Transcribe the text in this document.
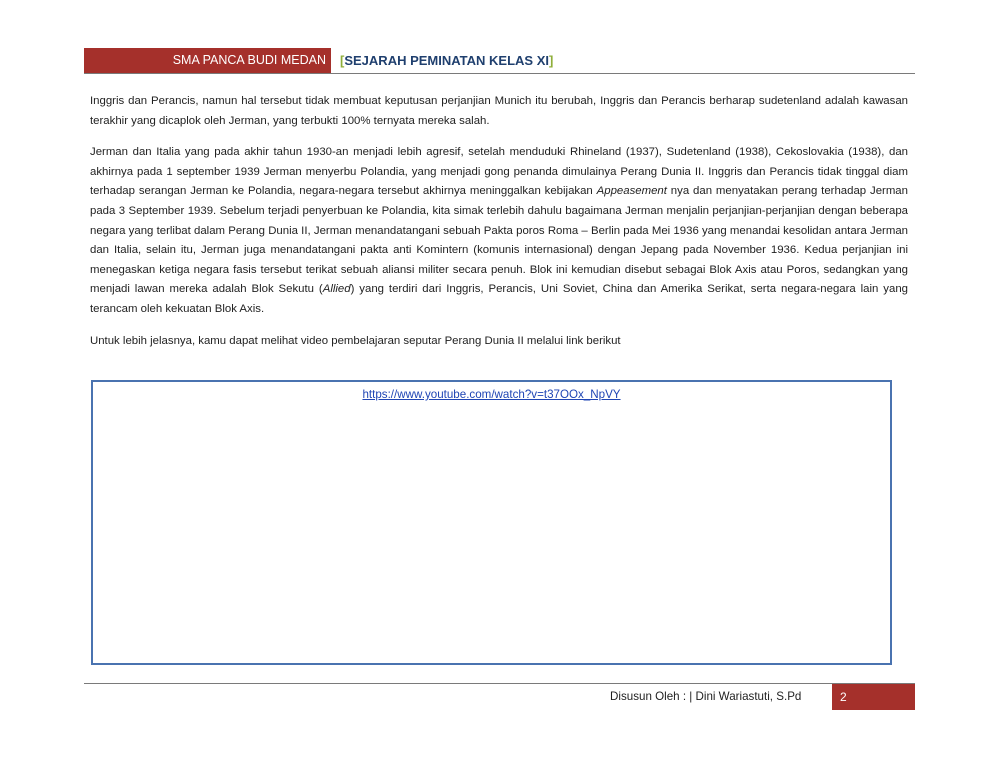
SMA PANCA BUDI MEDAN	[SEJARAH PEMINATAN KELAS XI]

Inggris dan Perancis, namun hal tersebut tidak membuat keputusan perjanjian Munich itu berubah, Inggris dan Perancis berharap sudetenland adalah kawasan terakhir yang dicaplok oleh Jerman, yang terbukti 100% ternyata mereka salah.

Jerman dan Italia yang pada akhir tahun 1930-an menjadi lebih agresif, setelah menduduki Rhineland (1937), Sudetenland (1938), Cekoslovakia (1938), dan akhirnya pada 1 september 1939 Jerman menyerbu Polandia, yang menjadi gong penanda dimulainya Perang Dunia II. Inggris dan Perancis tidak tinggal diam terhadap serangan Jerman ke Polandia, negara-negara tersebut akhirnya meninggalkan kebijakan Appeasement nya dan menyatakan perang terhadap Jerman pada 3 September 1939. Sebelum terjadi penyerbuan ke Polandia, kita simak terlebih dahulu bagaimana Jerman menjalin perjanjian-perjanjian dengan beberapa negara yang terlibat dalam Perang Dunia II, Jerman menandatangani sebuah Pakta poros Roma – Berlin pada Mei 1936 yang menandai kesolidan antara Jerman dan Italia, selain itu, Jerman juga menandatangani pakta anti Komintern (komunis internasional) dengan Jepang pada November 1936. Kedua perjanjian ini menegaskan ketiga negara fasis tersebut terikat sebuah aliansi militer secara penuh. Blok ini kemudian disebut sebagai Blok Axis atau Poros, sedangkan yang menjadi lawan mereka adalah Blok Sekutu (Allied) yang terdiri dari Inggris, Perancis, Uni Soviet, China dan Amerika Serikat, serta negara-negara lain yang terancam oleh kekuatan Blok Axis.

Untuk lebih jelasnya, kamu dapat melihat video pembelajaran seputar Perang Dunia II melalui link berikut

https://www.youtube.com/watch?v=t37OOx_NpVY
Disusun Oleh : | Dini Wariastuti, S.Pd	2
